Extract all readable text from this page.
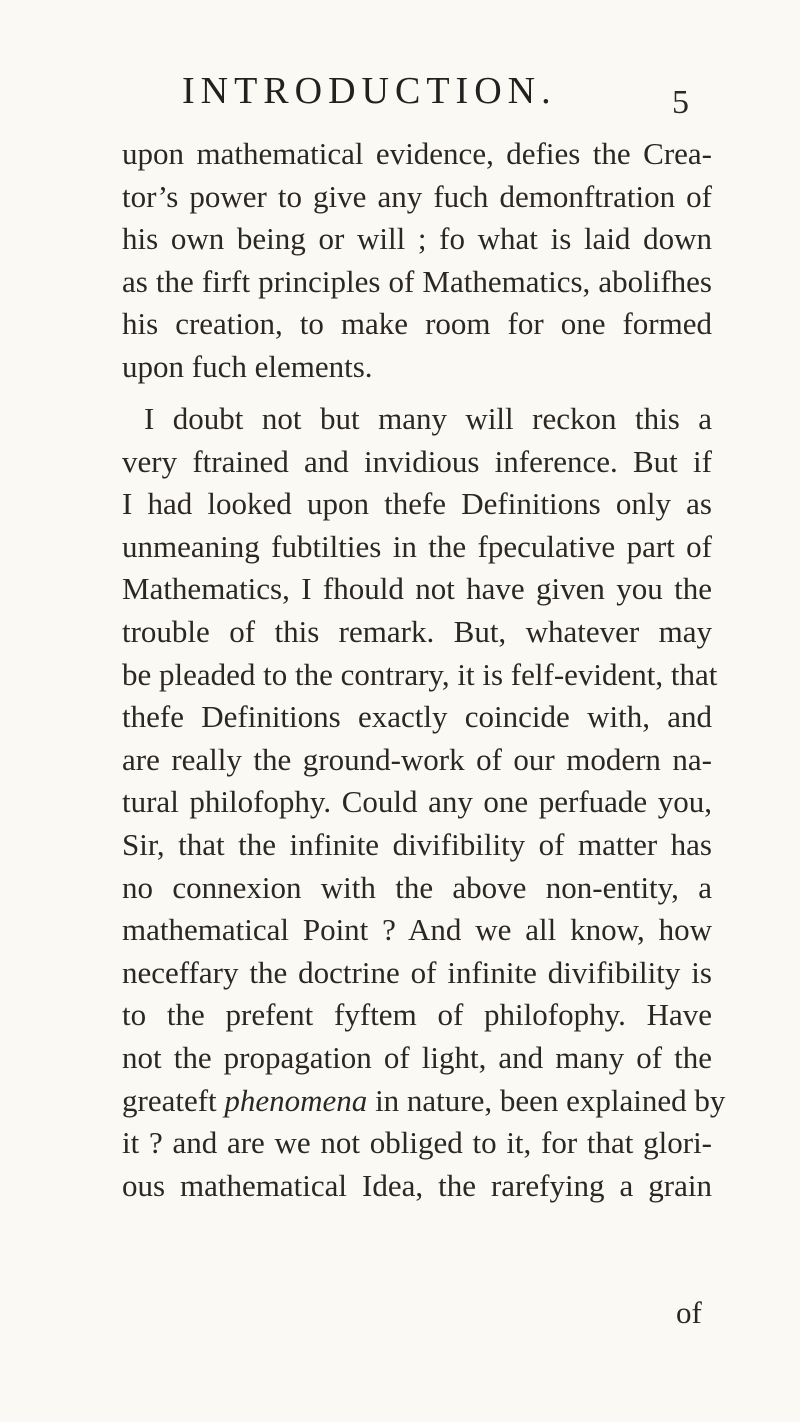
INTRODUCTION.	5
upon mathematical evidence, defies the Crea-
tor’s power to give any fuch demonftration of
his own being or will ; fo what is laid down
as the firft principles of Mathematics, abolifhes
his creation, to make room for one formed
upon fuch elements.
I doubt not but many will reckon this a
very ftrained and invidious inference. But if
I had looked upon thefe Definitions only as
unmeaning fubtilties in the fpeculative part of
Mathematics, I fhould not have given you the
trouble of this remark. But, whatever may
be pleaded to the contrary, it is felf-evident, that
thefe Definitions exactly coincide with, and
are really the ground-work of our modern na-
tural philofophy. Could any one perfuade you,
Sir, that the infinite divifibility of matter has
no connexion with the above non-entity, a
mathematical Point ? And we all know, how
neceffary the doctrine of infinite divifibility is
to the prefent fyftem of philofophy. Have
not the propagation of light, and many of the
greateft phenomena in nature, been explained by
it ? and are we not obliged to it, for that glori-
ous mathematical Idea, the rarefying a grain
of
